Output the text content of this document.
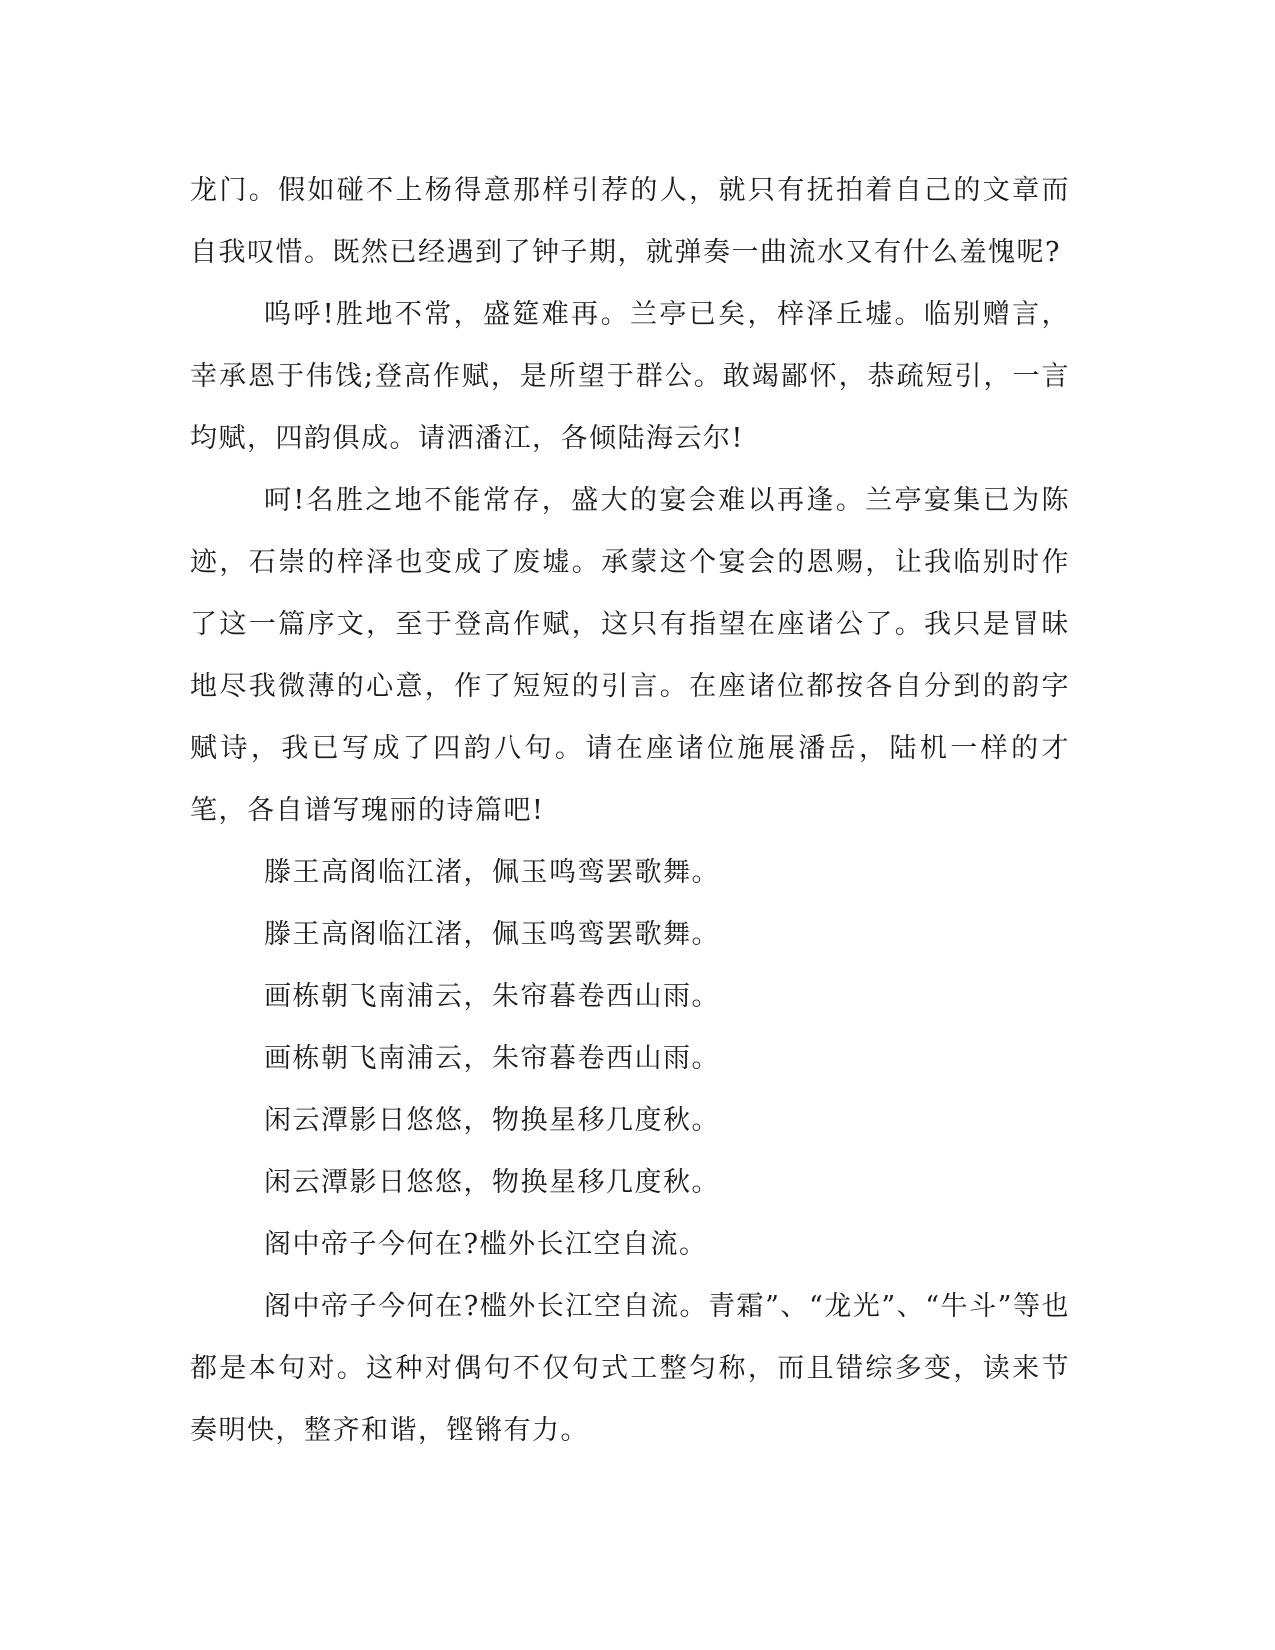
龙门。假如碰不上杨得意那样引荐的人，就只有抚拍着自己的文章而自我叹惜。既然已经遇到了钟子期，就弹奏一曲流水又有什么羞愧呢?

呜呼!胜地不常，盛筵难再。兰亭已矣，梓泽丘墟。临别赠言，幸承恩于伟饯;登高作赋，是所望于群公。敢竭鄙怀，恭疏短引，一言均赋，四韵俱成。请洒潘江，各倾陆海云尔!

呵!名胜之地不能常存，盛大的宴会难以再逢。兰亭宴集已为陈迹，石崇的梓泽也变成了废墟。承蒙这个宴会的恩赐，让我临别时作了这一篇序文，至于登高作赋，这只有指望在座诸公了。我只是冒昧地尽我微薄的心意，作了短短的引言。在座诸位都按各自分到的韵字赋诗，我已写成了四韵八句。请在座诸位施展潘岳，陆机一样的才笔，各自谱写瑰丽的诗篇吧!

滕王高阁临江渚，佩玉鸣鸾罢歌舞。

滕王高阁临江渚，佩玉鸣鸾罢歌舞。

画栋朝飞南浦云，朱帘暮卷西山雨。

画栋朝飞南浦云，朱帘暮卷西山雨。

闲云潭影日悠悠，物换星移几度秋。

闲云潭影日悠悠，物换星移几度秋。

阁中帝子今何在?槛外长江空自流。

阁中帝子今何在?槛外长江空自流。青霜”、“龙光”、“牛斗”等也都是本句对。这种对偶句不仅句式工整匀称，而且错综多变，读来节奏明快，整齐和谐，铿锵有力。
